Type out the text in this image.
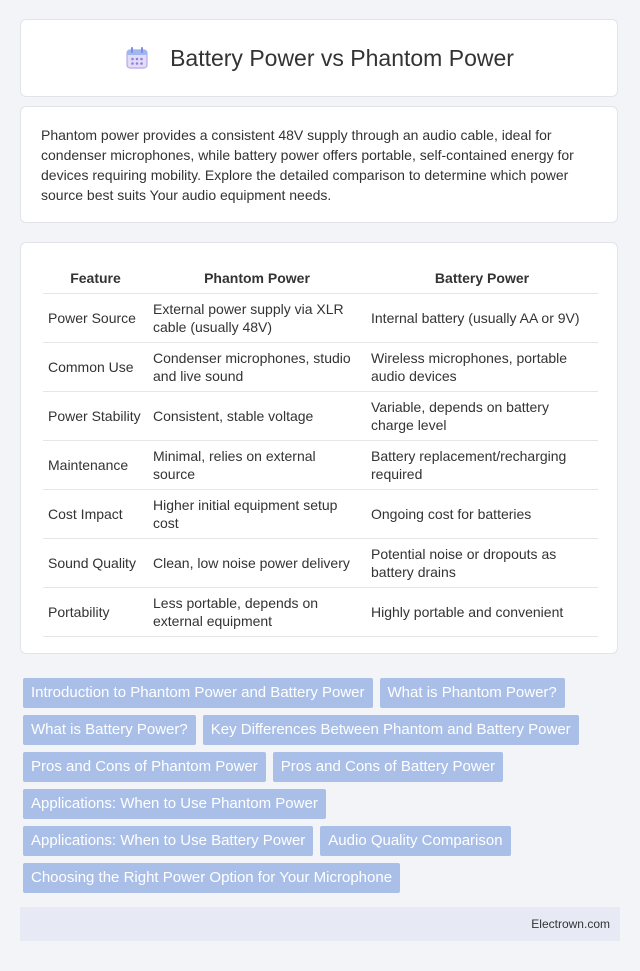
Battery Power vs Phantom Power

Phantom power provides a consistent 48V supply through an audio cable, ideal for condenser microphones, while battery power offers portable, self-contained energy for devices requiring mobility. Explore the detailed comparison to determine which power source best suits Your audio equipment needs.

Feature	Phantom Power	Battery Power
Power Source	External power supply via XLR cable (usually 48V)	Internal battery (usually AA or 9V)
Common Use	Condenser microphones, studio and live sound	Wireless microphones, portable audio devices
Power Stability	Consistent, stable voltage	Variable, depends on battery charge level
Maintenance	Minimal, relies on external source	Battery replacement/recharging required
Cost Impact	Higher initial equipment setup cost	Ongoing cost for batteries
Sound Quality	Clean, low noise power delivery	Potential noise or dropouts as battery drains
Portability	Less portable, depends on external equipment	Highly portable and convenient
Introduction to Phantom Power and Battery Power	What is Phantom Power?
What is Battery Power?	Key Differences Between Phantom and Battery Power
Pros and Cons of Phantom Power	Pros and Cons of Battery Power
Applications: When to Use Phantom Power
Applications: When to Use Battery Power	Audio Quality Comparison
Choosing the Right Power Option for Your Microphone
Electrown.com
